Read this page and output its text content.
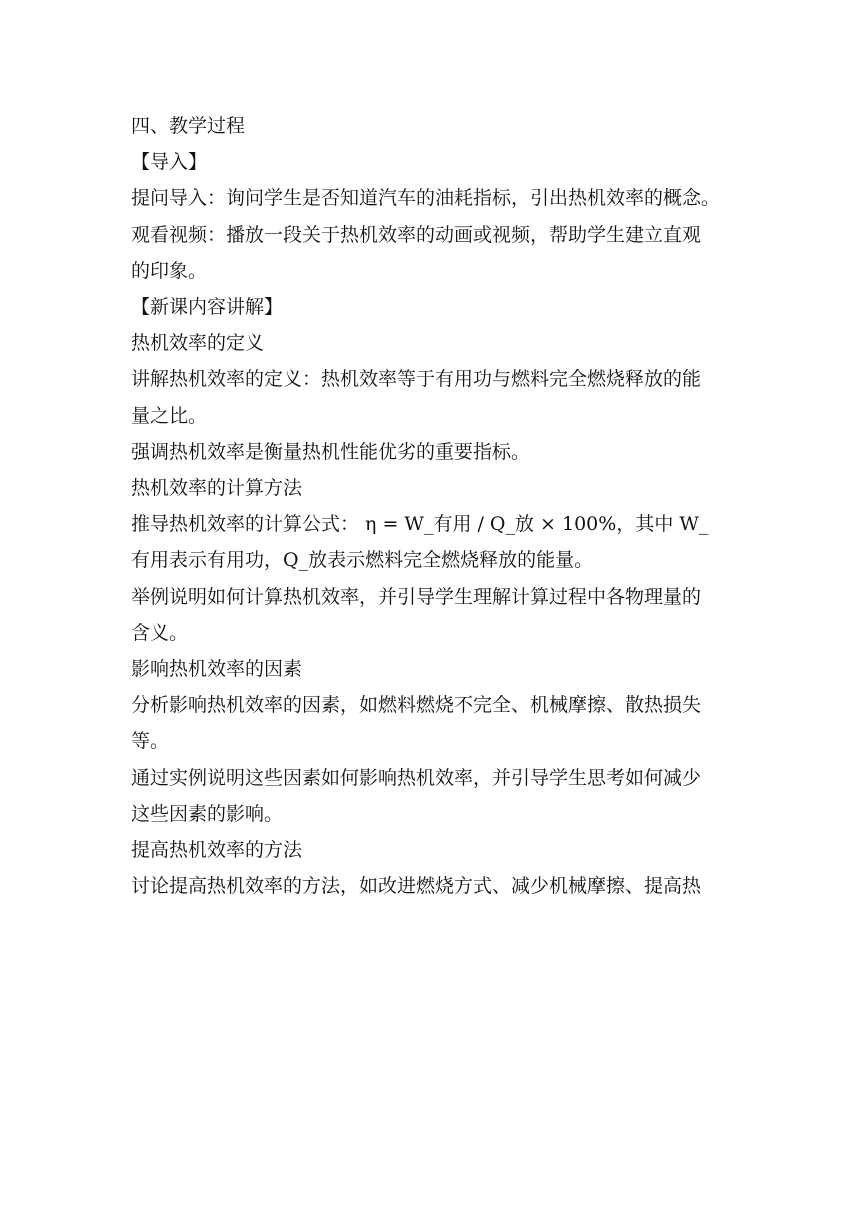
四、教学过程

【导入】

提问导入：询问学生是否知道汽车的油耗指标，引出热机效率的概念。

观看视频：播放一段关于热机效率的动画或视频，帮助学生建立直观

的印象。

【新课内容讲解】

热机效率的定义

讲解热机效率的定义：热机效率等于有用功与燃料完全燃烧释放的能

量之比。

强调热机效率是衡量热机性能优劣的重要指标。

热机效率的计算方法

推导热机效率的计算公式： η = W_有用 / Q_放 × 100%，其中 W_

有用表示有用功，Q_放表示燃料完全燃烧释放的能量。

举例说明如何计算热机效率，并引导学生理解计算过程中各物理量的

含义。

影响热机效率的因素

分析影响热机效率的因素，如燃料燃烧不完全、机械摩擦、散热损失

等。

通过实例说明这些因素如何影响热机效率，并引导学生思考如何减少

这些因素的影响。

提高热机效率的方法

讨论提高热机效率的方法，如改进燃烧方式、减少机械摩擦、提高热
